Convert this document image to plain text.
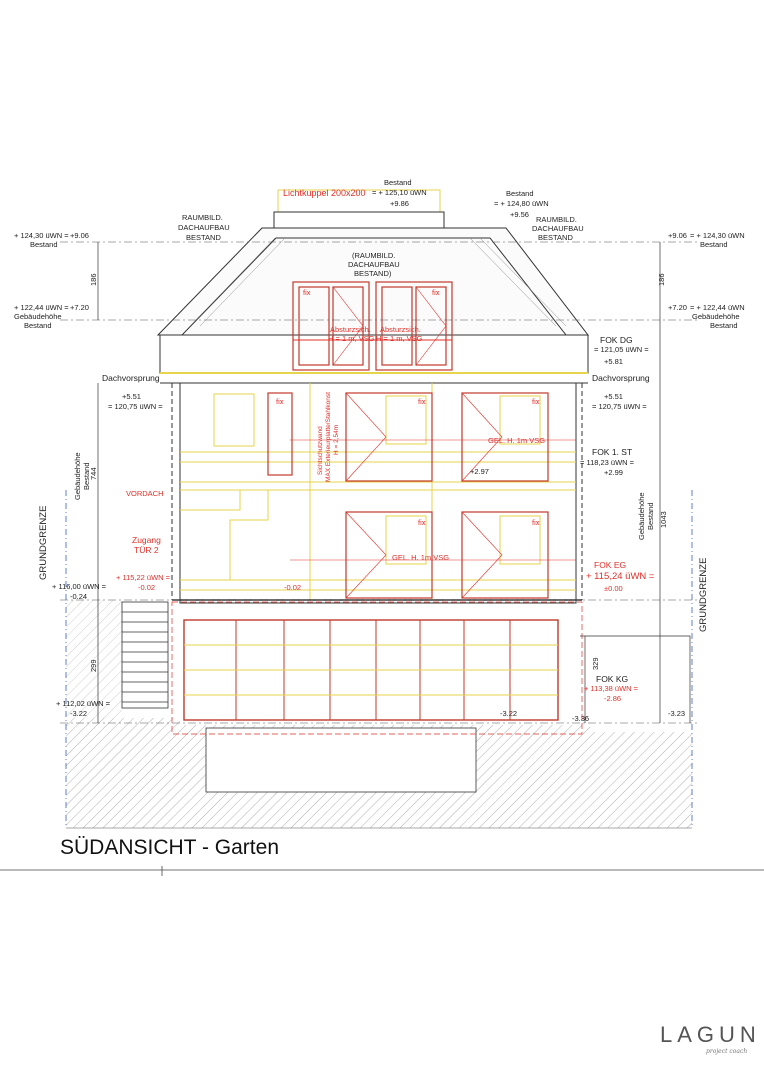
Lichtkuppel 200x200
Bestand
= + 125,10 üWN
+9.86
RAUMBILD.
DACHAUFBAU
BESTAND
(RAUMBILD.
DACHAUFBAU
BESTAND)
RAUMBILD.
DACHAUFBAU
BESTAND
Bestand
= + 124,80 üWN
+9.56
+ 124,30 üWN = +9.06
Bestand
+9.06 = + 124,30 üWN
Bestand
186	186
+ 122,44 üWN = +7.20
Gebäudehöhe
Bestand
+7.20 = + 122,44 üWN
Gebäudehöhe
Bestand
fix	fix
Absturzsich.
H = 1 m, VSG
Absturzsich.
H = 1 m, VSG	FOK DG
= 121,05 üWN =
+5.81
Dachvorsprung
+5.51
= 120,75 üWN =
Dachvorsprung
+5.51
= 120,75 üWN =
fix	fix	fix
Sichtschutzwand MAX Exterieurplatte/Stahlkonst H = 2,54m	GEL. H. 1m VSG
+2.97
FOK 1. ST
= 118,23 üWN =
+2.99
Gebäudehöhe Bestand
744
VORDACH
GRUNDGRENZE
GRUNDGRENZE
fix	fix
Zugang
TÜR 2
GEL. H. 1m VSG
Gebäudehöhe Bestand 1043
FOK EG
+ 115,24 üWN =
±0.00
+ 115,22 üWN =
-0.02
+ 116,00 üWN =
-0.24
-0.02
299	329
FOK KG
+ 113,38 üWN =
-2.86
+ 112,02 üWN =
-3.22	-3.22
-3.36
-3.23
SÜDANSICHT - Garten
LAGUN
project coach
